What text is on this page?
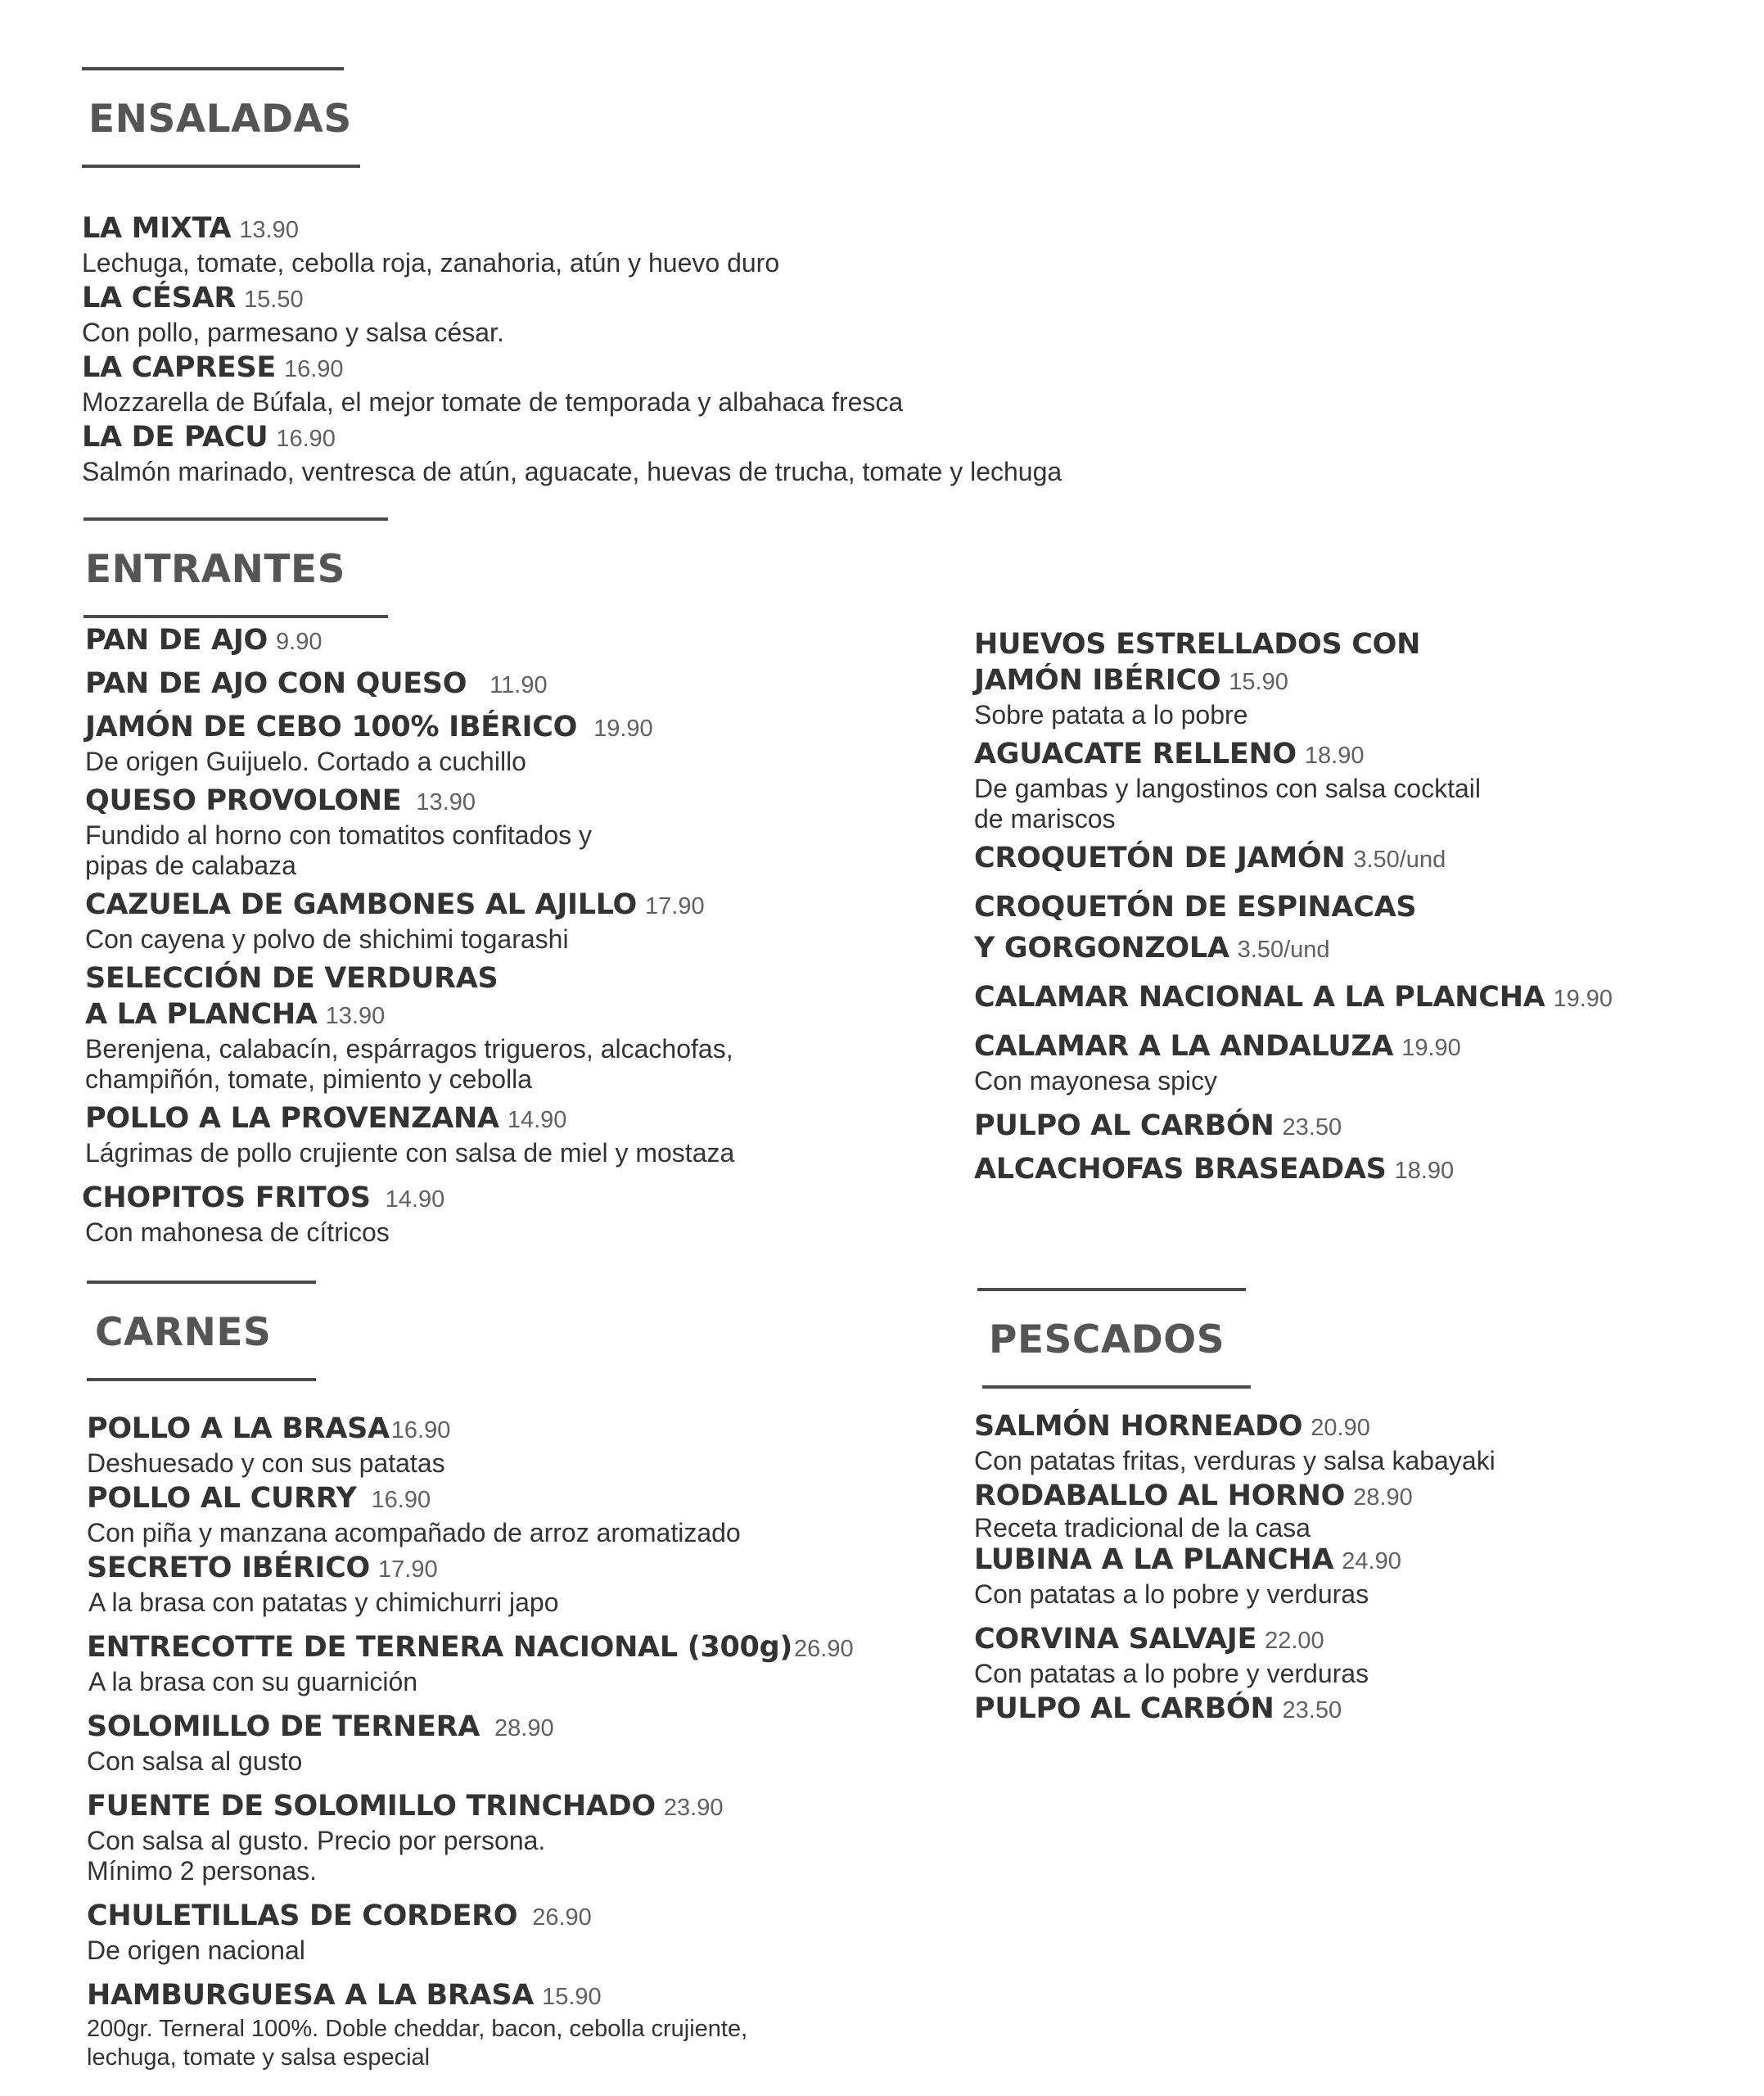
ENSALADAS
LA MIXTA 13.90
Lechuga, tomate, cebolla roja, zanahoria, atún y huevo duro
LA CÉSAR 15.50
Con pollo, parmesano y salsa césar.
LA CAPRESE 16.90
Mozzarella de Búfala, el mejor tomate de temporada y albahaca fresca
LA DE PACU 16.90
Salmón marinado, ventresca de atún, aguacate, huevas de trucha, tomate y lechuga
ENTRANTES
PAN DE AJO 9.90
PAN DE AJO CON QUESO 11.90
JAMÓN DE CEBO 100% IBÉRICO 19.90
De origen Guijuelo. Cortado a cuchillo
QUESO PROVOLONE 13.90
Fundido al horno con tomatitos confitados y
pipas de calabaza
CAZUELA DE GAMBONES AL AJILLO 17.90
Con cayena y polvo de shichimi togarashi
SELECCIÓN DE VERDURAS
A LA PLANCHA 13.90
Berenjena, calabacín, espárragos trigueros, alcachofas,
champiñón, tomate, pimiento y cebolla
POLLO A LA PROVENZANA 14.90
Lágrimas de pollo crujiente con salsa de miel y mostaza
CHOPITOS FRITOS 14.90
Con mahonesa de cítricos
HUEVOS ESTRELLADOS CON
JAMÓN IBÉRICO 15.90
Sobre patata a lo pobre
AGUACATE RELLENO 18.90
De gambas y langostinos con salsa cocktail
de mariscos
CROQUETÓN DE JAMÓN 3.50/und
CROQUETÓN DE ESPINACAS
Y GORGONZOLA 3.50/und
CALAMAR NACIONAL A LA PLANCHA 19.90
CALAMAR A LA ANDALUZA 19.90
Con mayonesa spicy
PULPO AL CARBÓN 23.50
ALCACHOFAS BRASEADAS 18.90
CARNES
POLLO A LA BRASA16.90
Deshuesado y con sus patatas
POLLO AL CURRY 16.90
Con piña y manzana acompañado de arroz aromatizado
SECRETO IBÉRICO 17.90
A la brasa con patatas y chimichurri japo
ENTRECOTTE DE TERNERA NACIONAL (300g)26.90
A la brasa con su guarnición
SOLOMILLO DE TERNERA 28.90
Con salsa al gusto
FUENTE DE SOLOMILLO TRINCHADO 23.90
Con salsa al gusto. Precio por persona.
Mínimo 2 personas.
CHULETILLAS DE CORDERO 26.90
De origen nacional
HAMBURGUESA A LA BRASA 15.90
200gr. Terneral 100%. Doble cheddar, bacon, cebolla crujiente,
lechuga, tomate y salsa especial
PESCADOS
SALMÓN HORNEADO 20.90
Con patatas fritas, verduras y salsa kabayaki
RODABALLO AL HORNO 28.90
Receta tradicional de la casa
LUBINA A LA PLANCHA 24.90
Con patatas a lo pobre y verduras
CORVINA SALVAJE 22.00
Con patatas a lo pobre y verduras
PULPO AL CARBÓN 23.50
